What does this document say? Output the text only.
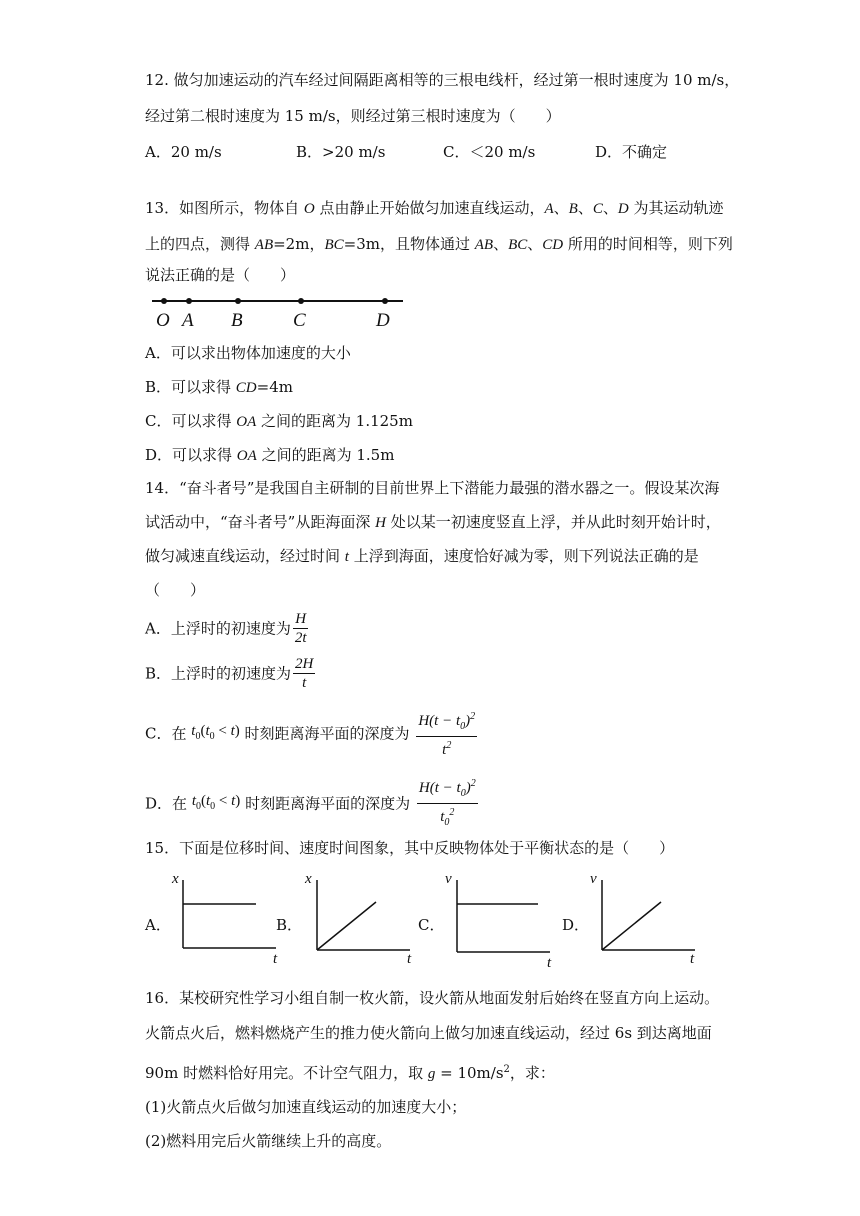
12. 做匀加速运动的汽车经过间隔距离相等的三根电线杆，经过第一根时速度为 10 m/s，
经过第二根时速度为 15 m/s，则经过第三根时速度为（　　）
A．20 m/s	B．>20 m/s	C．＜20 m/s	D．不确定
13．如图所示，物体自 O 点由静止开始做匀加速直线运动，A、B、C、D 为其运动轨迹
上的四点，测得 AB=2m，BC=3m，且物体通过 AB、BC、CD 所用的时间相等，则下列
说法正确的是（　　）
O A B	C	D
A．可以求出物体加速度的大小
B．可以求得 CD=4m
C．可以求得 OA 之间的距离为 1.125m
D．可以求得 OA 之间的距离为 1.5m
14．“奋斗者号”是我国自主研制的目前世界上下潜能力最强的潜水器之一。假设某次海
试活动中，“奋斗者号”从距海面深 H 处以某一初速度竖直上浮，并从此时刻开始计时，
做匀减速直线运动，经过时间 t 上浮到海面，速度恰好减为零，则下列说法正确的是
（　　）
A．上浮时的初速度为 $\frac{H}{2t}$
B．上浮时的初速度为 $\frac{2H}{t}$
C．在 $t_0(t_0 < t)$ 时刻距离海平面的深度为 $\frac{H(t - t_0)^2}{t^2}$
D．在 $t_0(t_0 < t)$ 时刻距离海平面的深度为 $\frac{H(t - t_0)^2}{t_0^2}$
15．下面是位移时间、速度时间图象，其中反映物体处于平衡状态的是（　　）
A．
x
t
B．
x
t
C．
v
t
D．
v
t
16．某校研究性学习小组自制一枚火箭，设火箭从地面发射后始终在竖直方向上运动。
火箭点火后，燃料燃烧产生的推力使火箭向上做匀加速直线运动，经过 6s 到达离地面
90m 时燃料恰好用完。不计空气阻力，取 $g = 10m/s^2$，求：
(1)火箭点火后做匀加速直线运动的加速度大小；
(2)燃料用完后火箭继续上升的高度。
